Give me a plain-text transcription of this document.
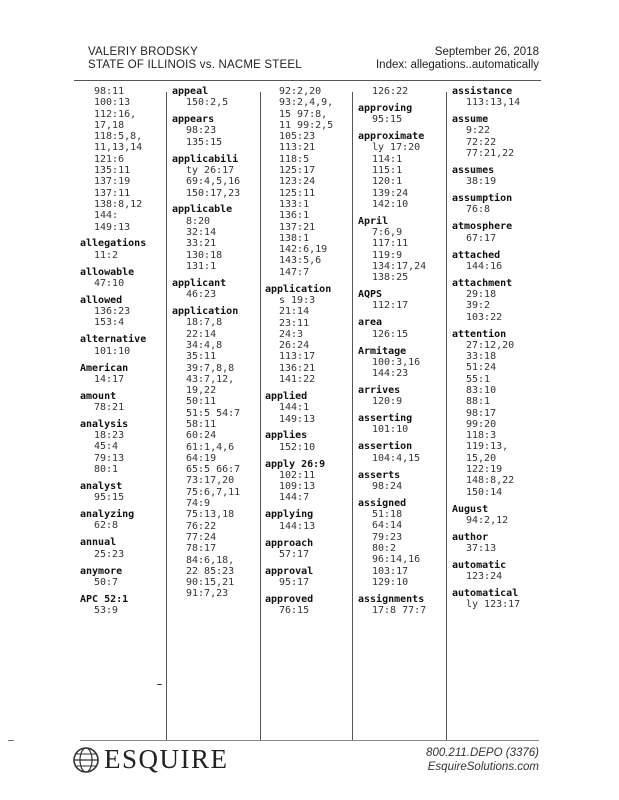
VALERIY BRODSKY
STATE OF ILLINOIS vs. NACME STEEL
September 26, 2018
Index: allegations..automatically
98:11
100:13
112:16,
17,18
118:5,8,
11,13,14
121:6
135:11
137:19
137:11
138:8,12
144:
149:13
allegations
11:2
allowable
47:10
allowed
136:23
153:4
alternative
101:10
American
14:17
amount
78:21
analysis
18:23
45:4
79:13
80:1
analyst
95:15
analyzing
62:8
annual
25:23
anymore
50:7
APC 52:1
53:9
appeal
150:2,5
appears
98:23
135:15
applicabili
ty 26:17
69:4,5,16
150:17,23
applicable
8:20
32:14
33:21
130:18
131:1
applicant
46:23
application
18:7,8
22:14
34:4,8
35:11
39:7,8,8
43:7,12,
19,22
50:11
51:5 54:7
58:11
60:24
61:1,4,6
64:19
65:5 66:7
73:17,20
75:6,7,11
74:9
75:13,18
76:22
77:24
78:17
84:6,18,
22 85:23
90:15,21
91:7,23
92:2,20
93:2,4,9,
15 97:8,
11 99:2,5
105:23
113:21
118:5
125:17
123:24
125:11
133:1
136:1
137:21
138:1
142:6,19
143:5,6
147:7
application
s 19:3
21:14
23:11
24:3
26:24
113:17
136:21
141:22
applied
144:1
149:13
applies
152:10
apply 26:9
102:11
109:13
144:7
applying
144:13
approach
57:17
approval
95:17
approved
76:15
126:22
approving
95:15
approximate
ly 17:20
114:1
115:1
120:1
139:24
142:10
April
7:6,9
117:11
119:9
134:17,24
138:25
AQPS
112:17
area
126:15
Armitage
100:3,16
144:23
arrives
120:9
asserting
101:10
assertion
104:4,15
asserts
98:24
assigned
51:18
64:14
79:23
80:2
96:14,16
103:17
129:10
assignments
17:8 77:7
assistance
113:13,14
assume
9:22
72:22
77:21,22
assumes
38:19
assumption
76:8
atmosphere
67:17
attached
144:16
attachment
29:18
39:2
103:22
attention
27:12,20
33:18
51:24
55:1
83:10
88:1
98:17
99:20
118:3
119:13,
15,20
122:19
148:8,22
150:14
August
94:2,12
author
37:13
automatic
123:24
automatical
ly 123:17
ESQUIRE	800.211.DEPO (3376)
EsquireSolutions.com
